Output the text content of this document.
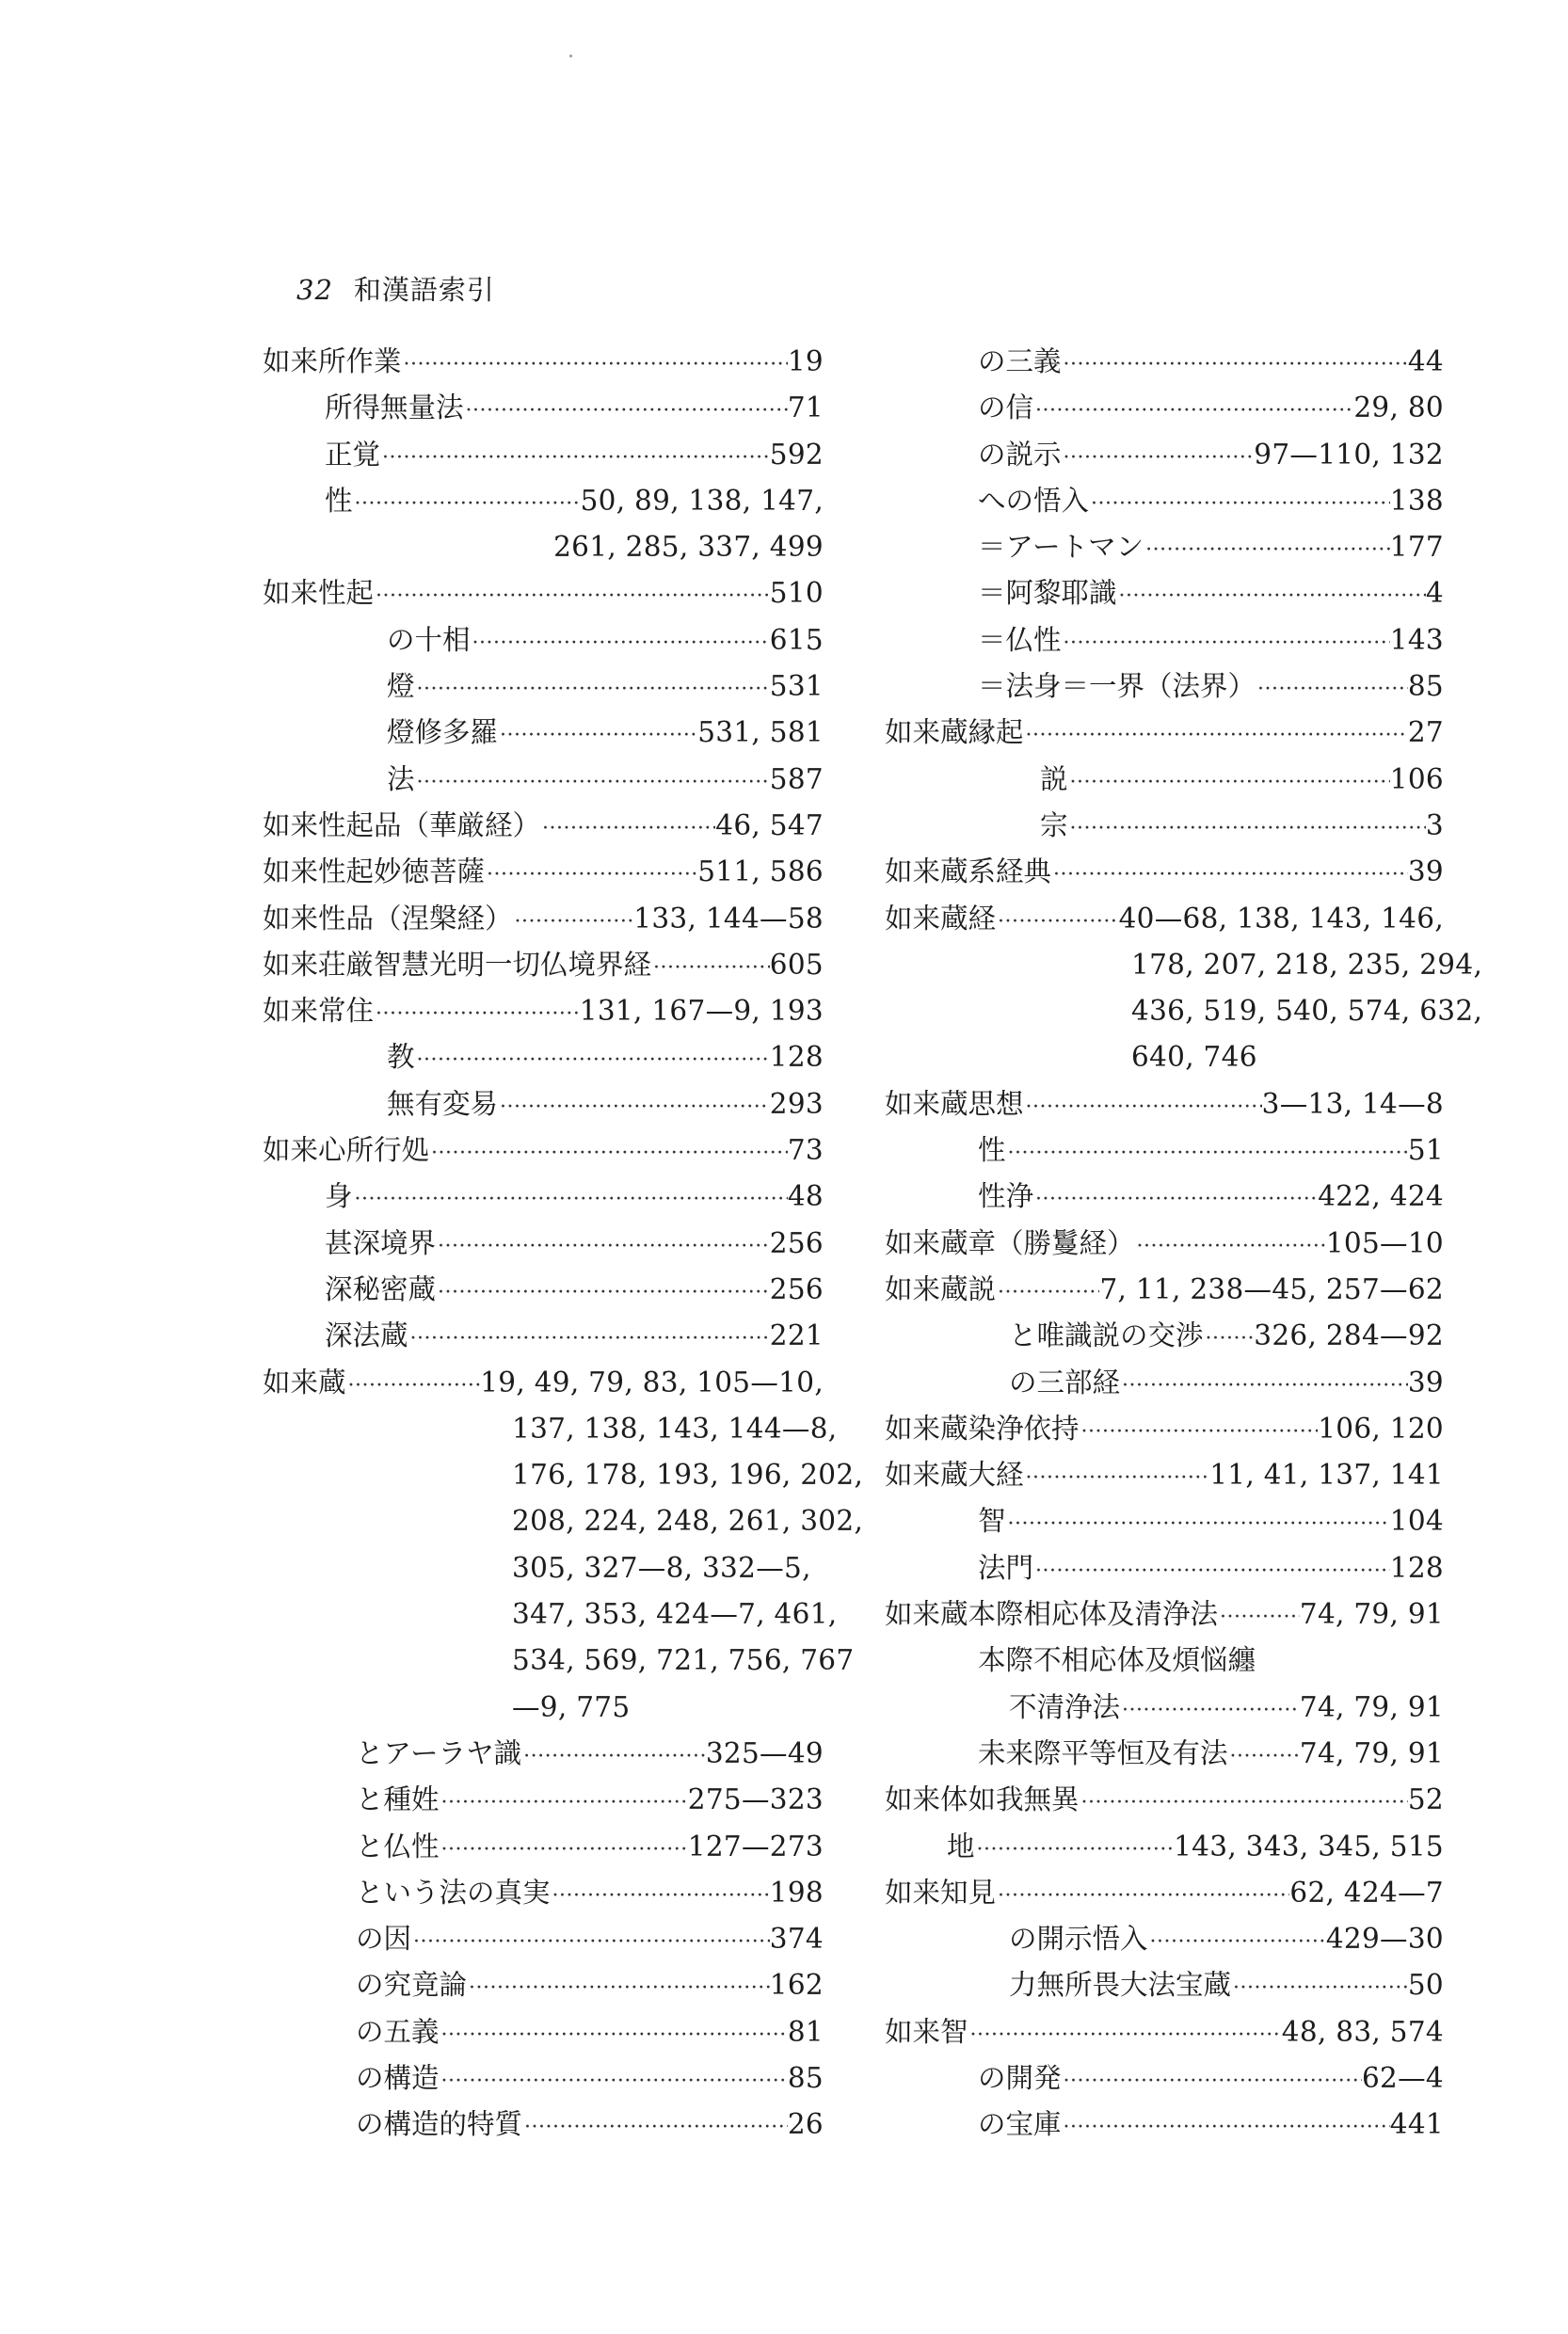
32 和漢語索引
如来所作業 ·····	19
所得無量法 ·····	71
正覚 ·····	592
性 ·····	50, 89, 138, 147,
261, 285, 337, 499
如来性起 ·····	510
の十相 ·····	615
燈 ·····	531
燈修多羅 ·····	531, 581
法 ·····	587
如来性起品（華厳経） ·····	46, 547
如来性起妙徳菩薩 ·····	511, 586
如来性品（涅槃経） ·····	133, 144—58
如来荘厳智慧光明一切仏境界経 ·····	605
如来常住 ·····	131, 167—9, 193
教 ·····	128
無有変易 ·····	293
如来心所行処 ·····	73
身 ·····	48
甚深境界 ·····	256
深秘密蔵 ·····	256
深法蔵 ·····	221
如来蔵 ·····	19, 49, 79, 83, 105—10,
137, 138, 143, 144—8,
176, 178, 193, 196, 202,
208, 224, 248, 261, 302,
305, 327—8, 332—5,
347, 353, 424—7, 461,
534, 569, 721, 756, 767
—9, 775
とアーラヤ識 ·····	325—49
と種姓 ·····	275—323
と仏性 ·····	127—273
という法の真実 ·····	198
の因 ·····	374
の究竟論 ·····	162
の五義 ·····	81
の構造 ·····	85
の構造的特質 ·····	26
の三義 ·····	44
の信 ·····	29, 80
の説示 ·····	97—110, 132
への悟入 ·····	138
＝アートマン ·····	177
＝阿黎耶識 ·····	4
＝仏性 ·····	143
＝法身＝一界（法界） ·····	85
如来蔵縁起 ·····	27
説 ·····	106
宗 ·····	3
如来蔵系経典 ·····	39
如来蔵経 ·····	40—68, 138, 143, 146,
178, 207, 218, 235, 294,
436, 519, 540, 574, 632,
640, 746
如来蔵思想 ·····	3—13, 14—8
性 ·····	51
性浄 ·····	422, 424
如来蔵章（勝鬘経） ·····	105—10
如来蔵説 ·····	7, 11, 238—45, 257—62
と唯識説の交渉 ····· 326, 284—92
の三部経 ·····	39
如来蔵染浄依持 ·····	106, 120
如来蔵大経 ·····	11, 41, 137, 141
智 ·····	104
法門 ·····	128
如来蔵本際相応体及清浄法 ·····	74, 79, 91
本際不相応体及煩悩纏
不清浄法 ·····	74, 79, 91
未来際平等恒及有法 ·····	74, 79, 91
如来体如我無異 ·····	52
地 ·····	143, 343, 345, 515
如来知見 ·····	62, 424—7
の開示悟入 ·····	429—30
力無所畏大法宝蔵 ·····	50
如来智 ·····	48, 83, 574
の開発 ·····	62—4
の宝庫 ·····	441
